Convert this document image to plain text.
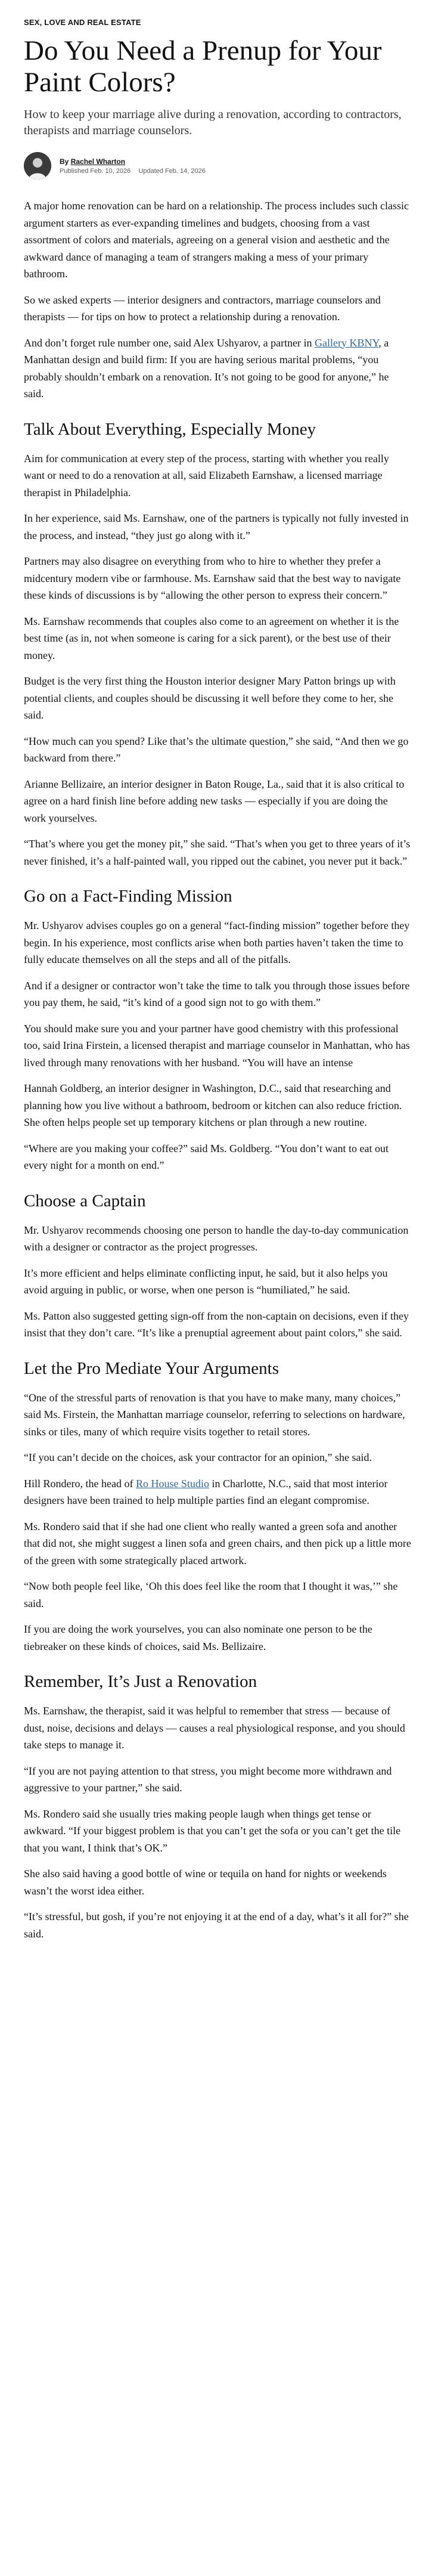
SEX, LOVE AND REAL ESTATE
Do You Need a Prenup for Your Paint Colors?

How to keep your marriage alive during a renovation, according to contractors, therapists and marriage counselors.

By Rachel Wharton
Published Feb. 10, 2026 Updated Feb. 14, 2026

A major home renovation can be hard on a relationship. The process includes such classic argument starters as ever-expanding timelines and budgets, choosing from a vast assortment of colors and materials, agreeing on a general vision and aesthetic and the awkward dance of managing a team of strangers making a mess of your primary bathroom.

So we asked experts — interior designers and contractors, marriage counselors and therapists — for tips on how to protect a relationship during a renovation.

And don’t forget rule number one, said Alex Ushyarov, a partner in Gallery KBNY, a Manhattan design and build firm: If you are having serious marital problems, “you probably shouldn’t embark on a renovation. It’s not going to be good for anyone,” he said.

Talk About Everything, Especially Money

Aim for communication at every step of the process, starting with whether you really want or need to do a renovation at all, said Elizabeth Earnshaw, a licensed marriage therapist in Philadelphia.

In her experience, said Ms. Earnshaw, one of the partners is typically not fully invested in the process, and instead, “they just go along with it.”

Partners may also disagree on everything from who to hire to whether they prefer a midcentury modern vibe or farmhouse. Ms. Earnshaw said that the best way to navigate these kinds of discussions is by “allowing the other person to express their concern.”

Ms. Earnshaw recommends that couples also come to an agreement on whether it is the best time (as in, not when someone is caring for a sick parent), or the best use of their money.

Budget is the very first thing the Houston interior designer Mary Patton brings up with potential clients, and couples should be discussing it well before they come to her, she said.

“How much can you spend? Like that’s the ultimate question,” she said, “And then we go backward from there.”

Arianne Bellizaire, an interior designer in Baton Rouge, La., said that it is also critical to agree on a hard finish line before adding new tasks — especially if you are doing the work yourselves.

“That’s where you get the money pit,” she said. “That’s when you get to three years of it’s never finished, it’s a half-painted wall, you ripped out the cabinet, you never put it back.”

Go on a Fact-Finding Mission

Mr. Ushyarov advises couples go on a general “fact-finding mission” together before they begin. In his experience, most conflicts arise when both parties haven’t taken the time to fully educate themselves on all the steps and all of the pitfalls.

And if a designer or contractor won’t take the time to talk you through those issues before you pay them, he said, “it’s kind of a good sign not to go with them.”

You should make sure you and your partner have good chemistry with this professional too, said Irina Firstein, a licensed therapist and marriage counselor in Manhattan, who has lived through many renovations with her husband. “You will have an intense

Hannah Goldberg, an interior designer in Washington, D.C., said that researching and planning how you live without a bathroom, bedroom or kitchen can also reduce friction. She often helps people set up temporary kitchens or plan through a new routine.

“Where are you making your coffee?” said Ms. Goldberg. “You don’t want to eat out every night for a month on end.”

Choose a Captain

Mr. Ushyarov recommends choosing one person to handle the day-to-day communication with a designer or contractor as the project progresses.

It’s more efficient and helps eliminate conflicting input, he said, but it also helps you avoid arguing in public, or worse, when one person is “humiliated,” he said.

Ms. Patton also suggested getting sign-off from the non-captain on decisions, even if they insist that they don’t care. “It’s like a prenuptial agreement about paint colors,” she said.

Let the Pro Mediate Your Arguments

“One of the stressful parts of renovation is that you have to make many, many choices,” said Ms. Firstein, the Manhattan marriage counselor, referring to selections on hardware, sinks or tiles, many of which require visits together to retail stores.

“If you can’t decide on the choices, ask your contractor for an opinion,” she said.

Hill Rondero, the head of Ro House Studio in Charlotte, N.C., said that most interior designers have been trained to help multiple parties find an elegant compromise.

Ms. Rondero said that if she had one client who really wanted a green sofa and another that did not, she might suggest a linen sofa and green chairs, and then pick up a little more of the green with some strategically placed artwork.

“Now both people feel like, ‘Oh this does feel like the room that I thought it was,’” she said.

If you are doing the work yourselves, you can also nominate one person to be the tiebreaker on these kinds of choices, said Ms. Bellizaire.

Remember, It’s Just a Renovation

Ms. Earnshaw, the therapist, said it was helpful to remember that stress — because of dust, noise, decisions and delays — causes a real physiological response, and you should take steps to manage it.

“If you are not paying attention to that stress, you might become more withdrawn and aggressive to your partner,” she said.

Ms. Rondero said she usually tries making people laugh when things get tense or awkward. “If your biggest problem is that you can’t get the sofa or you can’t get the tile that you want, I think that’s OK.”

She also said having a good bottle of wine or tequila on hand for nights or weekends wasn’t the worst idea either.

“It’s stressful, but gosh, if you’re not enjoying it at the end of a day, what’s it all for?” she said.
